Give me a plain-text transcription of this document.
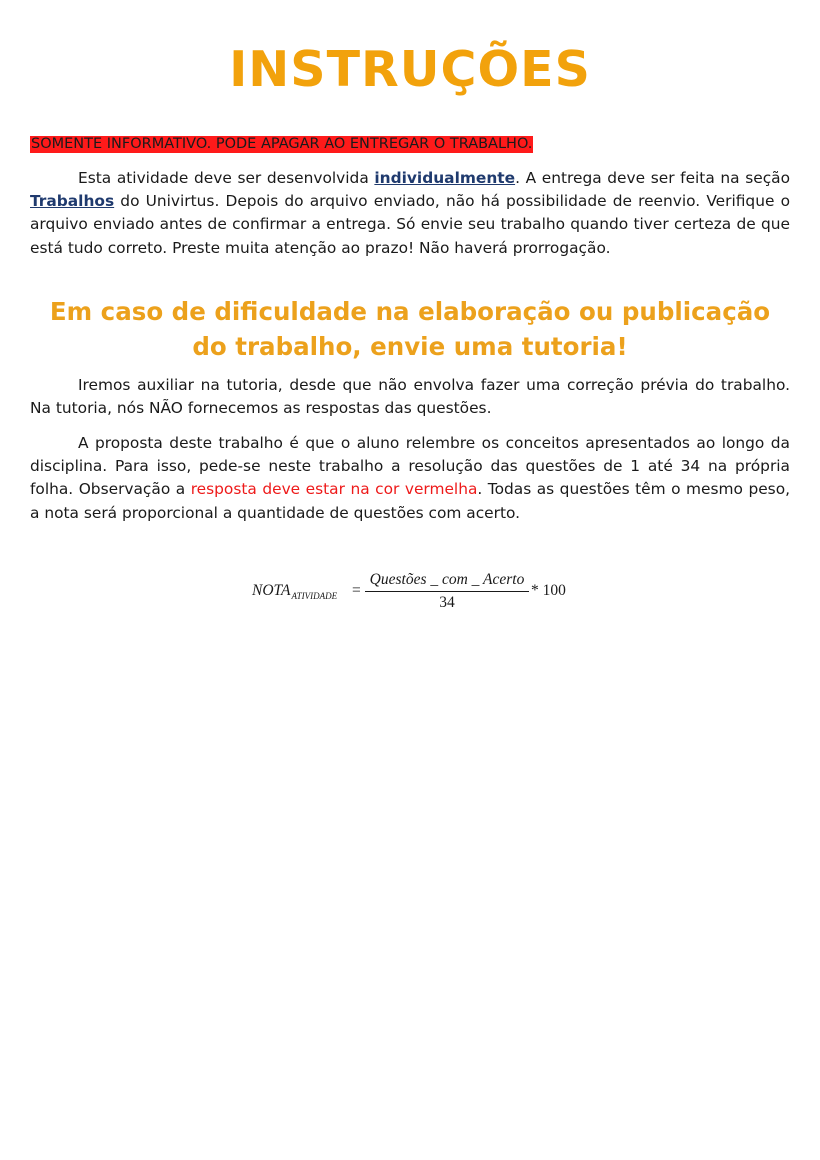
INSTRUÇÕES
SOMENTE INFORMATIVO. PODE APAGAR AO ENTREGAR O TRABALHO.

Esta atividade deve ser desenvolvida individualmente. A entrega deve ser feita na seção Trabalhos do Univirtus. Depois do arquivo enviado, não há possibilidade de reenvio. Verifique o arquivo enviado antes de confirmar a entrega. Só envie seu trabalho quando tiver certeza de que está tudo correto. Preste muita atenção ao prazo! Não haverá prorrogação.

Em caso de dificuldade na elaboração ou publicação
do trabalho, envie uma tutoria!

Iremos auxiliar na tutoria, desde que não envolva fazer uma correção prévia do trabalho. Na tutoria, nós NÃO fornecemos as respostas das questões.

A proposta deste trabalho é que o aluno relembre os conceitos apresentados ao longo da disciplina. Para isso, pede-se neste trabalho a resolução das questões de 1 até 34 na própria folha. Observação a resposta deve estar na cor vermelha. Todas as questões têm o mesmo peso, a nota será proporcional a quantidade de questões com acerto.

$NOTA_{ATIVIDADE}$ =
Questões _ com _ Acerto
34
* 100
